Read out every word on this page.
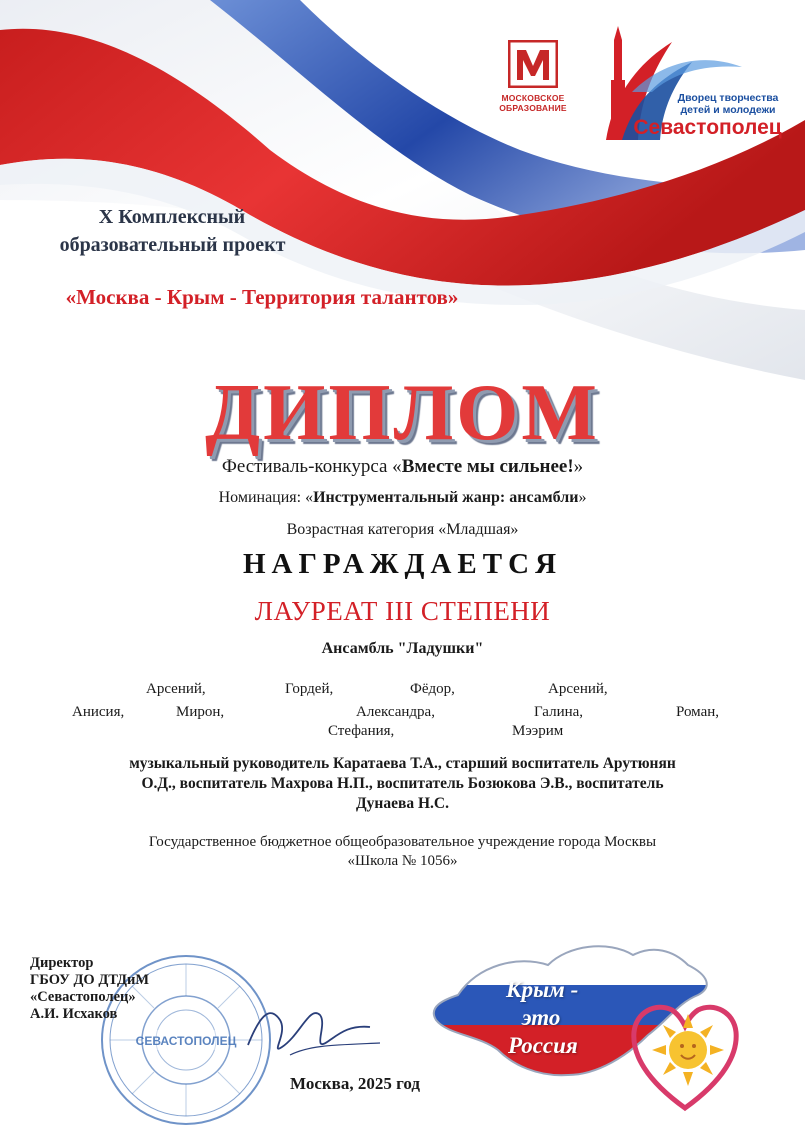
МОСКОВСКОЕ
ОБРАЗОВАНИЕ
Дворец творчества
детей и молодежи
Севастополец
X Комплексный
образовательный проект
«Москва - Крым - Территория талантов»
ДИПЛОМ
Фестиваль-конкурса «Вместе мы сильнее!»
Номинация: «Инструментальный жанр: ансамбли»
Возрастная категория «Младшая»
НАГРАЖДАЕТСЯ
ЛАУРЕАТ III СТЕПЕНИ
Ансамбль "Ладушки"
Арсений,	Гордей,	Фёдор,	Арсений,
Анисия,	Мирон,	Александра,	Галина,	Роман,
Стефания,	Мээрим
музыкальный руководитель Каратаева Т.А., старший воспитатель Арутюнян
О.Д., воспитатель Махрова Н.П., воспитатель Бозюкова Э.В., воспитатель
Дунаева Н.С.
Государственное бюджетное общеобразовательное учреждение города Москвы
«Школа № 1056»
СЕВАСТОПОЛЕЦ
Директор
ГБОУ ДО ДТДиМ
«Севастополец»
А.И. Исхаков
Москва, 2025 год
Крым -
это
Россия
